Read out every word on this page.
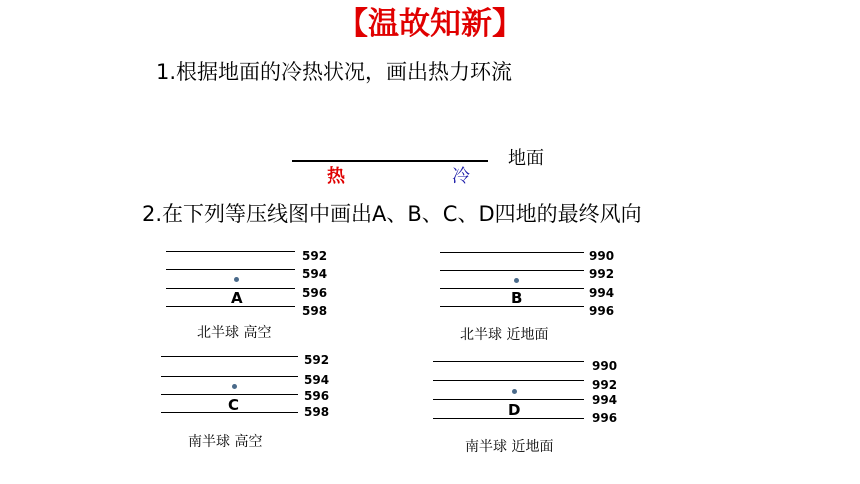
【温故知新】
1.根据地面的冷热状况，画出热力环流
地面
热	冷
2.在下列等压线图中画出A、B、C、D四地的最终风向
592
594
596
598
A
北半球 高空
990
992
994
996
B
北半球 近地面
592
594
596
598
C
南半球 高空
990
992
994
996
D
南半球 近地面
